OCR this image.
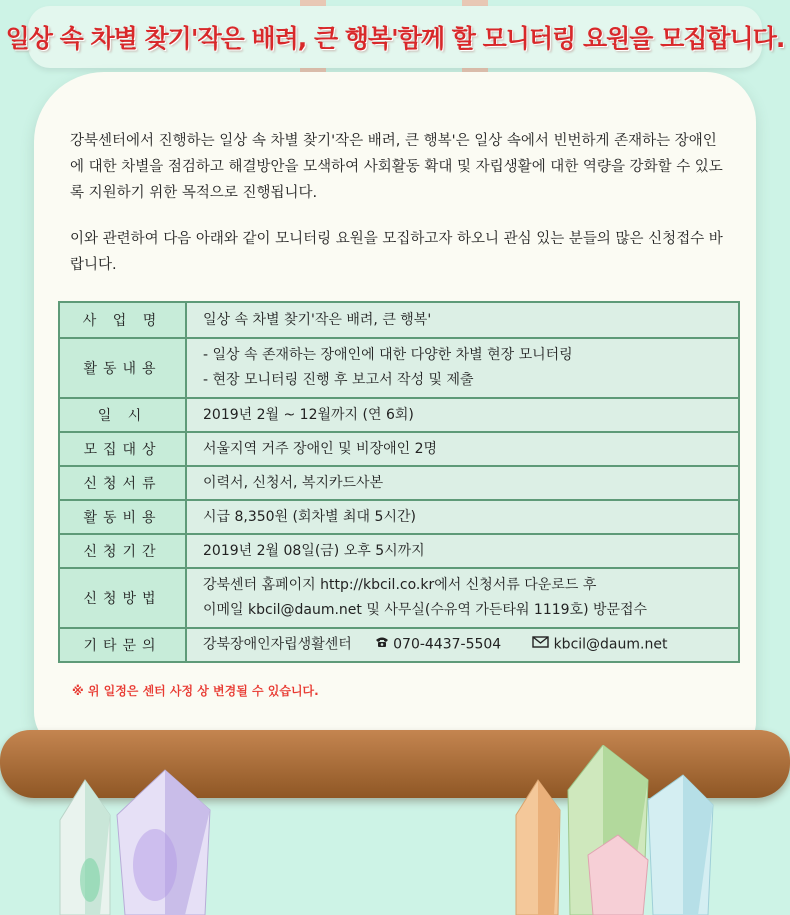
일상 속 차별 찾기'작은 배려, 큰 행복'함께 할 모니터링 요원을 모집합니다.

강북센터에서 진행하는 일상 속 차별 찾기'작은 배려, 큰 행복'은 일상 속에서 빈번하게 존재하는 장애인에 대한 차별을 점검하고 해결방안을 모색하여 사회활동 확대 및 자립생활에 대한 역량을 강화할 수 있도록 지원하기 위한 목적으로 진행됩니다.

이와 관련하여 다음 아래와 같이 모니터링 요원을 모집하고자 하오니 관심 있는 분들의 많은 신청접수 바랍니다.

사 업 명	일상 속 차별 찾기'작은 배려, 큰 행복'
활동내용	- 일상 속 존재하는 장애인에 대한 다양한 차별 현장 모니터링
- 현장 모니터링 진행 후 보고서 작성 및 제출

일 시	2019년 2월 ~ 12월까지 (연 6회)
모집대상	서울지역 거주 장애인 및 비장애인 2명
신청서류	이력서, 신청서, 복지카드사본
활동비용	시급 8,350원 (회차별 최대 5시간)
신청기간	2019년 2월 08일(금) 오후 5시까지
신청방법	강북센터 홈페이지 http://kbcil.co.kr에서 신청서류 다운로드 후
이메일 kbcil@daum.net 및 사무실(수유역 가든타워 1119호) 방문접수

기타문의	강북장애인자립생활센터 070-4437-5504 kbcil@daum.net
※ 위 일정은 센터 사정 상 변경될 수 있습니다.
